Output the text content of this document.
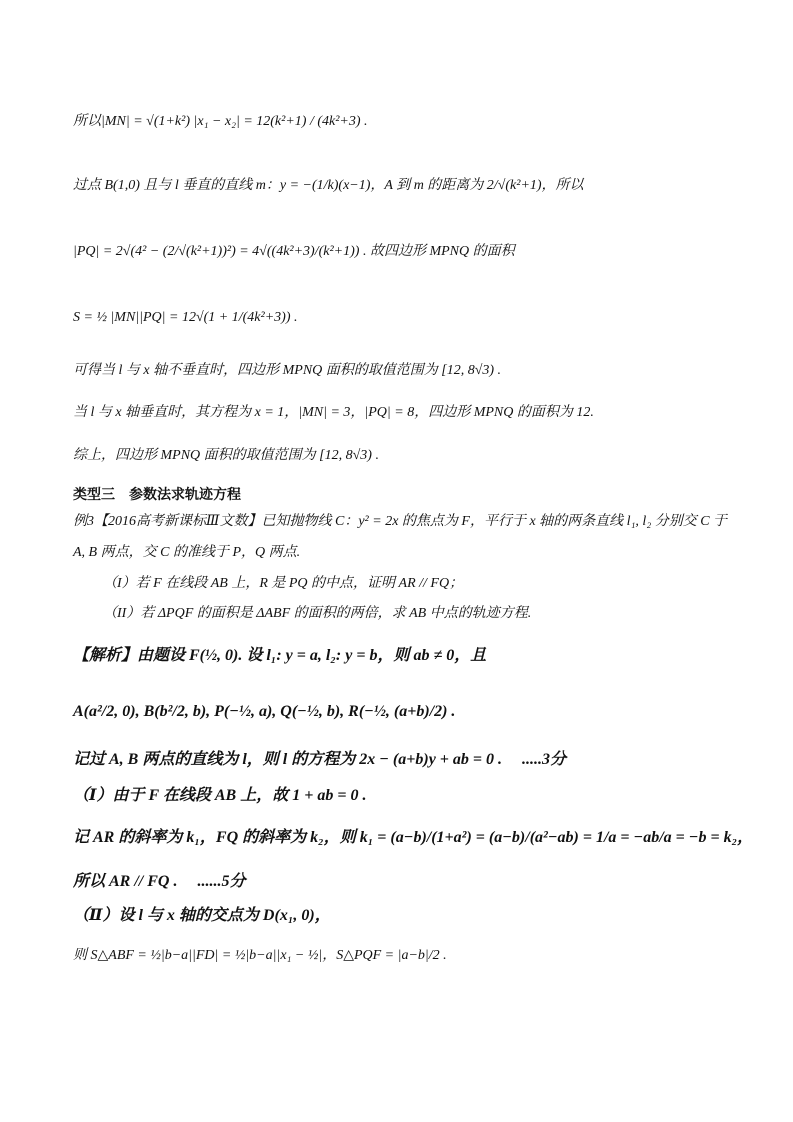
所以|MN| = √(1+k²) |x₁ − x₂| = 12(k²+1) / (4k²+3) .
过点 B(1,0) 且与 l 垂直的直线 m：y = −(1/k)(x−1)，A 到 m 的距离为 2/√(k²+1)，所以
|PQ| = 2√(4² − (2/√(k²+1))²) = 4√((4k²+3)/(k²+1)) . 故四边形 MPNQ 的面积
S = ½ |MN||PQ| = 12√(1 + 1/(4k²+3)) .
可得当 l 与 x 轴不垂直时，四边形 MPNQ 面积的取值范围为 [12, 8√3) .
当 l 与 x 轴垂直时，其方程为 x = 1，|MN| = 3，|PQ| = 8，四边形 MPNQ 的面积为 12.
综上，四边形 MPNQ 面积的取值范围为 [12, 8√3) .
类型三　参数法求轨迹方程
例3【2016高考新课标Ⅲ文数】已知抛物线 C：y² = 2x 的焦点为 F，平行于 x 轴的两条直线 l₁, l₂ 分别交 C 于
A, B 两点，交 C 的准线于 P，Q 两点.
（I）若 F 在线段 AB 上，R 是 PQ 的中点，证明 AR // FQ；
（II）若 ΔPQF 的面积是 ΔABF 的面积的两倍，求 AB 中点的轨迹方程.
【解析】由题设 F(½, 0). 设 l₁: y = a, l₂: y = b，则 ab ≠ 0，且
A(a²/2, 0), B(b²/2, b), P(−½, a), Q(−½, b), R(−½, (a+b)/2) .
记过 A, B 两点的直线为 l，则 l 的方程为 2x − (a+b)y + ab = 0 .　 .....3分
（Ⅰ）由于 F 在线段 AB 上，故 1 + ab = 0 .
记 AR 的斜率为 k₁，FQ 的斜率为 k₂，则 k₁ = (a−b)/(1+a²) = (a−b)/(a²−ab) = 1/a = −ab/a = −b = k₂，
所以 AR // FQ .　 ......5分
（Ⅱ）设 l 与 x 轴的交点为 D(x₁, 0)，
则 S△ABF = ½|b−a||FD| = ½|b−a||x₁ − ½|，S△PQF = |a−b|/2 .
